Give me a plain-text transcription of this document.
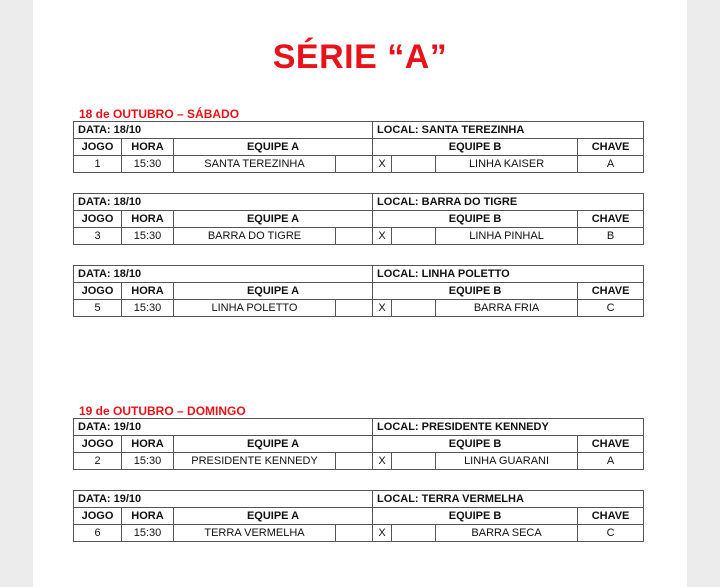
SÉRIE “A”
18 de OUTUBRO – SÁBADO
DATA: 18/10				LOCAL: SANTA TEREZINHA			
JOGO	HORA	EQUIPE A		EQUIPE B			CHAVE
1	15:30	SANTA TEREZINHA		X		LINHA KAISER	A
DATA: 18/10				LOCAL: BARRA DO TIGRE			
JOGO	HORA	EQUIPE A		EQUIPE B			CHAVE
3	15:30	BARRA DO TIGRE		X		LINHA PINHAL	B
DATA: 18/10				LOCAL: LINHA POLETTO			
JOGO	HORA	EQUIPE A		EQUIPE B			CHAVE
5	15:30	LINHA POLETTO		X		BARRA FRIA	C
19 de OUTUBRO – DOMINGO
DATA: 19/10				LOCAL: PRESIDENTE KENNEDY			
JOGO	HORA	EQUIPE A		EQUIPE B			CHAVE
2	15:30	PRESIDENTE KENNEDY		X		LINHA GUARANI	A
DATA: 19/10				LOCAL: TERRA VERMELHA			
JOGO	HORA	EQUIPE A		EQUIPE B			CHAVE
6	15:30	TERRA VERMELHA		X		BARRA SECA	C
